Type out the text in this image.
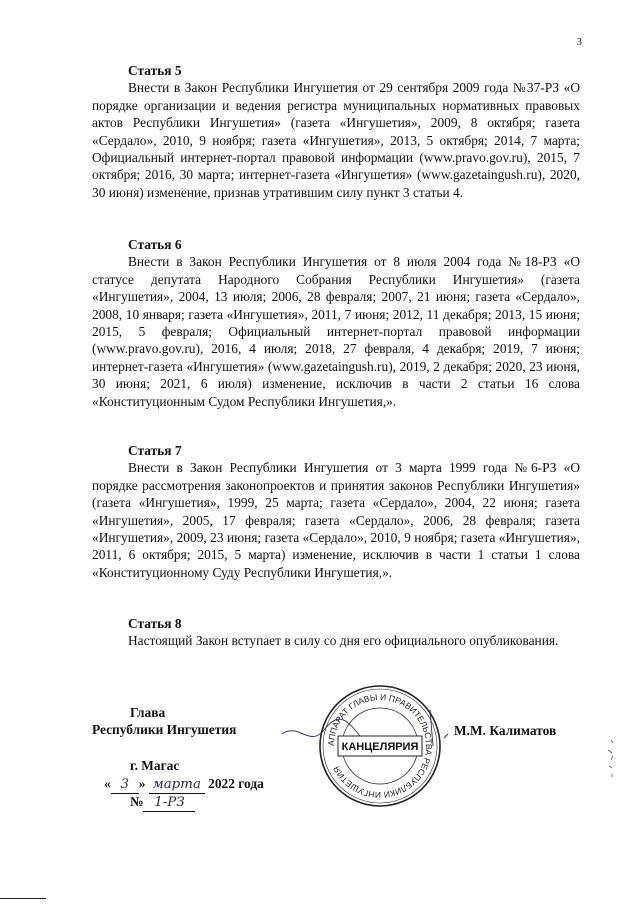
3
Статья 5

Внести в Закон Республики Ингушетия от 29 сентября 2009 года №37-РЗ «О порядке организации и ведения регистра муниципальных нормативных правовых актов Республики Ингушетия» (газета «Ингушетия», 2009, 8 октября; газета «Сердало», 2010, 9 ноября; газета «Ингушетия», 2013, 5 октября; 2014, 7 марта; Официальный интернет-портал правовой информации (www.pravo.gov.ru), 2015, 7 октября; 2016, 30 марта; интернет-газета «Ингушетия» (www.gazetaingush.ru), 2020, 30 июня) изменение, признав утратившим силу пункт 3 статьи 4.

Статья 6

Внести в Закон Республики Ингушетия от 8 июля 2004 года №18-РЗ «О статусе депутата Народного Собрания Республики Ингушетия» (газета «Ингушетия», 2004, 13 июля; 2006, 28 февраля; 2007, 21 июня; газета «Сердало», 2008, 10 января; газета «Ингушетия», 2011, 7 июня; 2012, 11 декабря; 2013, 15 июня; 2015, 5 февраля; Официальный интернет-портал правовой информации (www.pravo.gov.ru), 2016, 4 июля; 2018, 27 февраля, 4 декабря; 2019, 7 июня; интернет-газета «Ингушетия» (www.gazetaingush.ru), 2019, 2 декабря; 2020, 23 июня, 30 июня; 2021, 6 июля) изменение, исключив в части 2 статьи 16 слова «Конституционным Судом Республики Ингушетия,».

Статья 7

Внести в Закон Республики Ингушетия от 3 марта 1999 года №6-РЗ «О порядке рассмотрения законопроектов и принятия законов Республики Ингушетия» (газета «Ингушетия», 1999, 25 марта; газета «Сердало», 2004, 22 июня; газета «Ингушетия», 2005, 17 февраля; газета «Сердало», 2006, 28 февраля; газета «Ингушетия», 2009, 23 июня; газета «Сердало», 2010, 9 ноября; газета «Ингушетия», 2011, 6 октября; 2015, 5 марта) изменение, исключив в части 1 статьи 1 слова «Конституционному Суду Республики Ингушетия,».

Статья 8

Настоящий Закон вступает в силу со дня его официального опубликования.

Глава
Республики Ингушетия	М.М. Калиматов
г. Магас
« 3 » марта 2022 года
№ 1-РЗ
АППАРАТ ГЛАВЫ И ПРАВИТЕЛЬСТВА РЕСПУБЛИКИ ИНГУШЕТИЯ
КАНЦЕЛЯРИЯ
